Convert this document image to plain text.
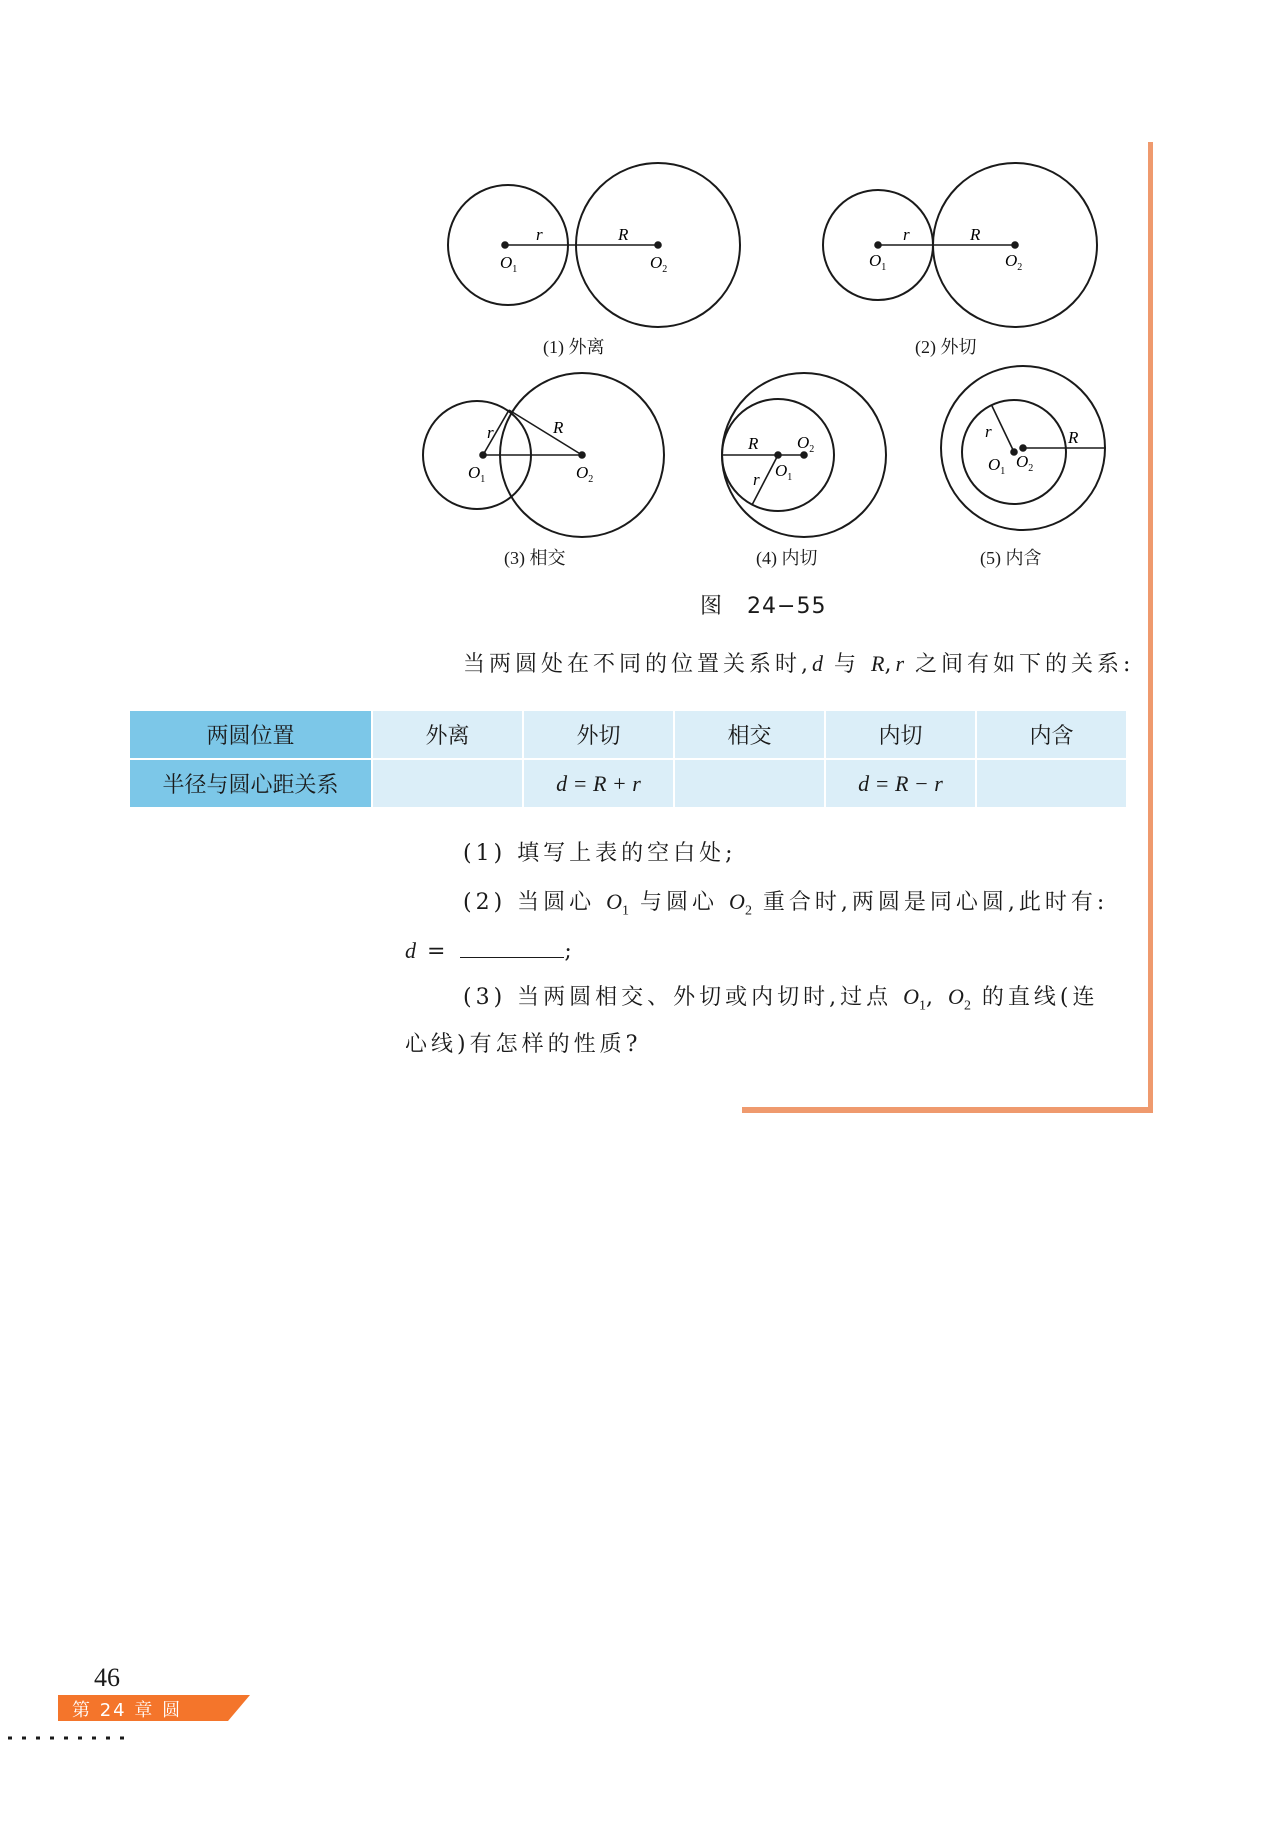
r	R
$O_1$	$O_2$
(1) 外离
r	R
$O_1$	$O_2$
(2) 外切
r	R
$O_1$	$O_2$
(3) 相交
R
r $O_1$
$O_2$
(4) 内切
r	R
$O_1$
$O_2$
(5) 内含
图 24−55
当两圆处在不同的位置关系时,d 与 R,r 之间有如下的关系:
两圆位置	外离	外切	相交	内切	内含
半径与圆心距关系		d = R + r		d = R − r	
(1) 填写上表的空白处;
(2) 当圆心 $O_1$ 与圆心 $O_2$ 重合时,两圆是同心圆,此时有:
d =	;
(3) 当两圆相交、外切或内切时,过点 $O_1$, $O_2$ 的直线(连
心线)有怎样的性质?
46
第 24 章 圆
